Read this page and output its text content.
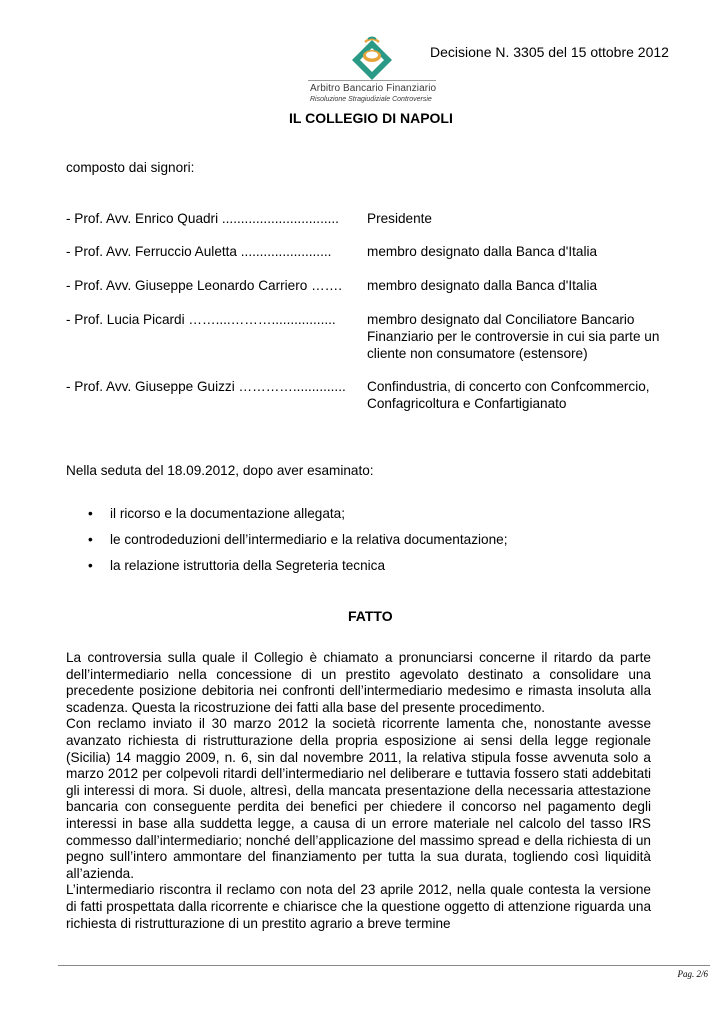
Arbitro Bancario Finanziario
Risoluzione Stragiudiziale Controversie
Decisione N. 3305 del 15 ottobre 2012
IL COLLEGIO DI NAPOLI
composto dai signori:
- Prof. Avv. Enrico Quadri ............................... Presidente
- Prof. Avv. Ferruccio Auletta ........................	membro designato dalla Banca d'Italia
- Prof. Avv. Giuseppe Leonardo Carriero ……. membro designato dalla Banca d'Italia
- Prof. Lucia Picardi ……....………................. membro designato dal Conciliatore Bancario
Finanziario per le controversie in cui sia parte un
cliente non consumatore (estensore)
- Prof. Avv. Giuseppe Guizzi ………….............. Confindustria, di concerto con Confcommercio,
Confagricoltura e Confartigianato
Nella seduta del 18.09.2012, dopo aver esaminato:
• il ricorso e la documentazione allegata;
• le controdeduzioni dell’intermediario e la relativa documentazione;
• la relazione istruttoria della Segreteria tecnica
FATTO

La controversia sulla quale il Collegio è chiamato a pronunciarsi concerne il ritardo da parte dell’intermediario nella concessione di un prestito agevolato destinato a consolidare una precedente posizione debitoria nei confronti dell’intermediario medesimo e rimasta insoluta alla scadenza. Questa la ricostruzione dei fatti alla base del presente procedimento.

Con reclamo inviato il 30 marzo 2012 la società ricorrente lamenta che, nonostante avesse avanzato richiesta di ristrutturazione della propria esposizione ai sensi della legge regionale (Sicilia) 14 maggio 2009, n. 6, sin dal novembre 2011, la relativa stipula fosse avvenuta solo a marzo 2012 per colpevoli ritardi dell’intermediario nel deliberare e tuttavia fossero stati addebitati gli interessi di mora. Si duole, altresì, della mancata presentazione della necessaria attestazione bancaria con conseguente perdita dei benefici per chiedere il concorso nel pagamento degli interessi in base alla suddetta legge, a causa di un errore materiale nel calcolo del tasso IRS commesso dall’intermediario; nonché dell’applicazione del massimo spread e della richiesta di un pegno sull’intero ammontare del finanziamento per tutta la sua durata, togliendo così liquidità all’azienda.

L’intermediario riscontra il reclamo con nota del 23 aprile 2012, nella quale contesta la versione di fatti prospettata dalla ricorrente e chiarisce che la questione oggetto di attenzione riguarda una richiesta di ristrutturazione di un prestito agrario a breve termine

Pag. 2/6
